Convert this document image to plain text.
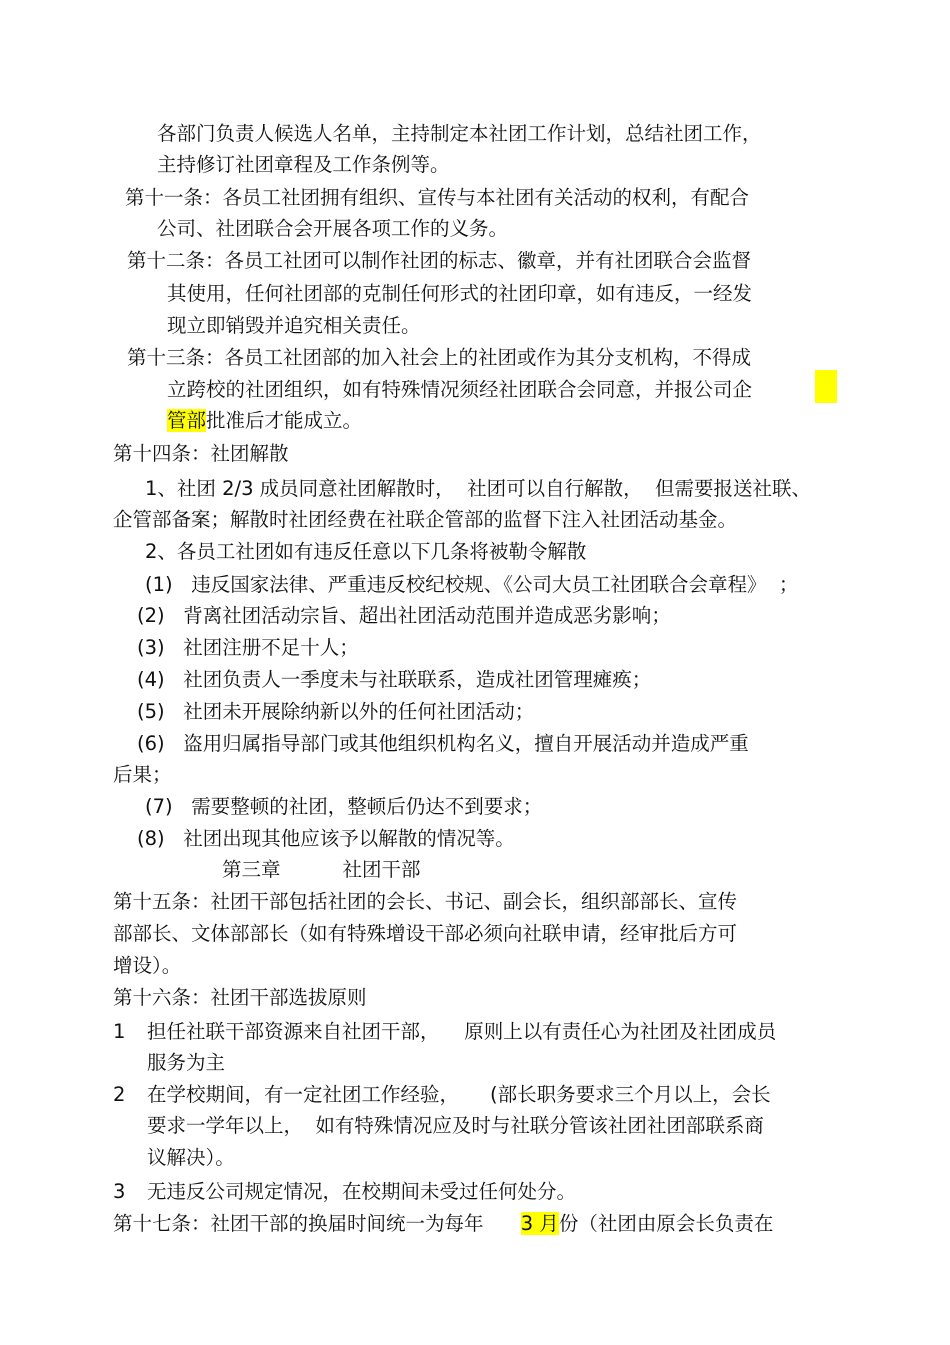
各部门负责人候选人名单，主持制定本社团工作计划，总结社团工作，
主持修订社团章程及工作条例等。
第十一条：各员工社团拥有组织、宣传与本社团有关活动的权利，有配合
公司、社团联合会开展各项工作的义务。
第十二条：各员工社团可以制作社团的标志、徽章，并有社团联合会监督
其使用，任何社团部的克制任何形式的社团印章，如有违反，一经发
现立即销毁并追究相关责任。
第十三条：各员工社团部的加入社会上的社团或作为其分支机构，不得成
立跨校的社团组织，如有特殊情况须经社团联合会同意，并报公司企
管部批准后才能成立。
第十四条：社团解散
1、社团 2/3 成员同意社团解散时，  社团可以自行解散，  但需要报送社联、
企管部备案；解散时社团经费在社联企管部的监督下注入社团活动基金。
2、各员工社团如有违反任意以下几条将被勒令解散
(1)   违反国家法律、严重违反校纪校规、《公司大员工社团联合会章程》  ；
(2)   背离社团活动宗旨、超出社团活动范围并造成恶劣影响；
(3)   社团注册不足十人；
(4)   社团负责人一季度未与社联联系，造成社团管理瘫痪；
(5)   社团未开展除纳新以外的任何社团活动；
(6)   盗用归属指导部门或其他组织机构名义，擅自开展活动并造成严重
后果；
(7)   需要整顿的社团，整顿后仍达不到要求；
(8)   社团出现其他应该予以解散的情况等。
第三章          社团干部
第十五条：社团干部包括社团的会长、书记、副会长，组织部部长、宣传
部部长、文体部部长（如有特殊增设干部必须向社联申请，经审批后方可
增设）。
第十六条：社团干部选拔原则
1 担任社联干部资源来自社团干部，    原则上以有责任心为社团及社团成员
服务为主
2 在学校期间，有一定社团工作经验，     (部长职务要求三个月以上，会长
要求一学年以上，  如有特殊情况应及时与社联分管该社团社团部联系商
议解决）。
3 无违反公司规定情况，在校期间未受过任何处分。
第十七条：社团干部的换届时间统一为每年      3 月份（社团由原会长负责在
